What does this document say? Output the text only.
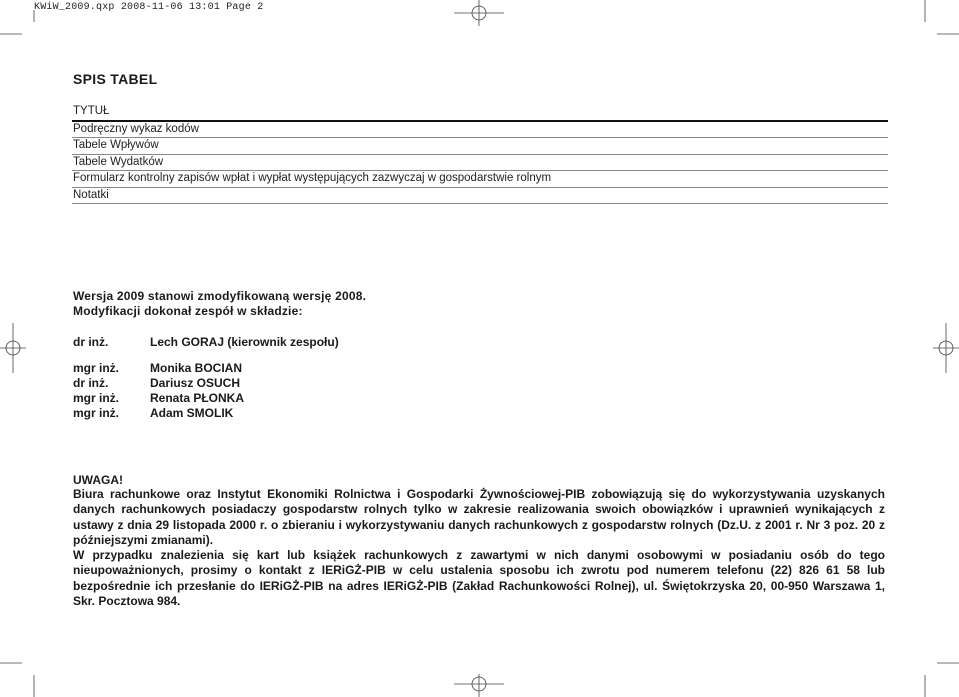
KWiW_2009.qxp 2008-11-06 13:01 Page 2
SPIS TABEL
TYTUŁ
Podręczny wykaz kodów
Tabele Wpływów
Tabele Wydatków
Formularz kontrolny zapisów wpłat i wypłat występujących zazwyczaj w gospodarstwie rolnym
Notatki
Wersja 2009 stanowi zmodyfikowaną wersję 2008.
Modyfikacji dokonał zespół w składzie:
dr inż.	Lech GORAJ (kierownik zespołu)
mgr inż.	Monika BOCIAN
dr inż.	Dariusz OSUCH
mgr inż.	Renata PŁONKA
mgr inż.	Adam SMOLIK
UWAGA!

Biura rachunkowe oraz Instytut Ekonomiki Rolnictwa i Gospodarki Żywnościowej-PIB zobowiązują się do wykorzystywania uzyskanych danych rachunkowych posiadaczy gospodarstw rolnych tylko w zakresie realizowania swoich obowiązków i uprawnień wynikających z ustawy z dnia 29 listopada 2000 r. o zbieraniu i wykorzystywaniu danych rachunkowych z gospodarstw rolnych (Dz.U. z 2001 r. Nr 3 poz. 20 z późniejszymi zmianami).

W przypadku znalezienia się kart lub książek rachunkowych z zawartymi w nich danymi osobowymi w posiadaniu osób do tego nieupoważnionych, prosimy o kontakt z IERiGŻ-PIB w celu ustalenia sposobu ich zwrotu pod numerem telefonu (22) 826 61 58 lub bezpośrednie ich przesłanie do IERiGŻ-PIB na adres IERiGŻ-PIB (Zakład Rachunkowości Rolnej), ul. Świętokrzyska 20, 00-950 Warszawa 1, Skr. Pocztowa 984.
